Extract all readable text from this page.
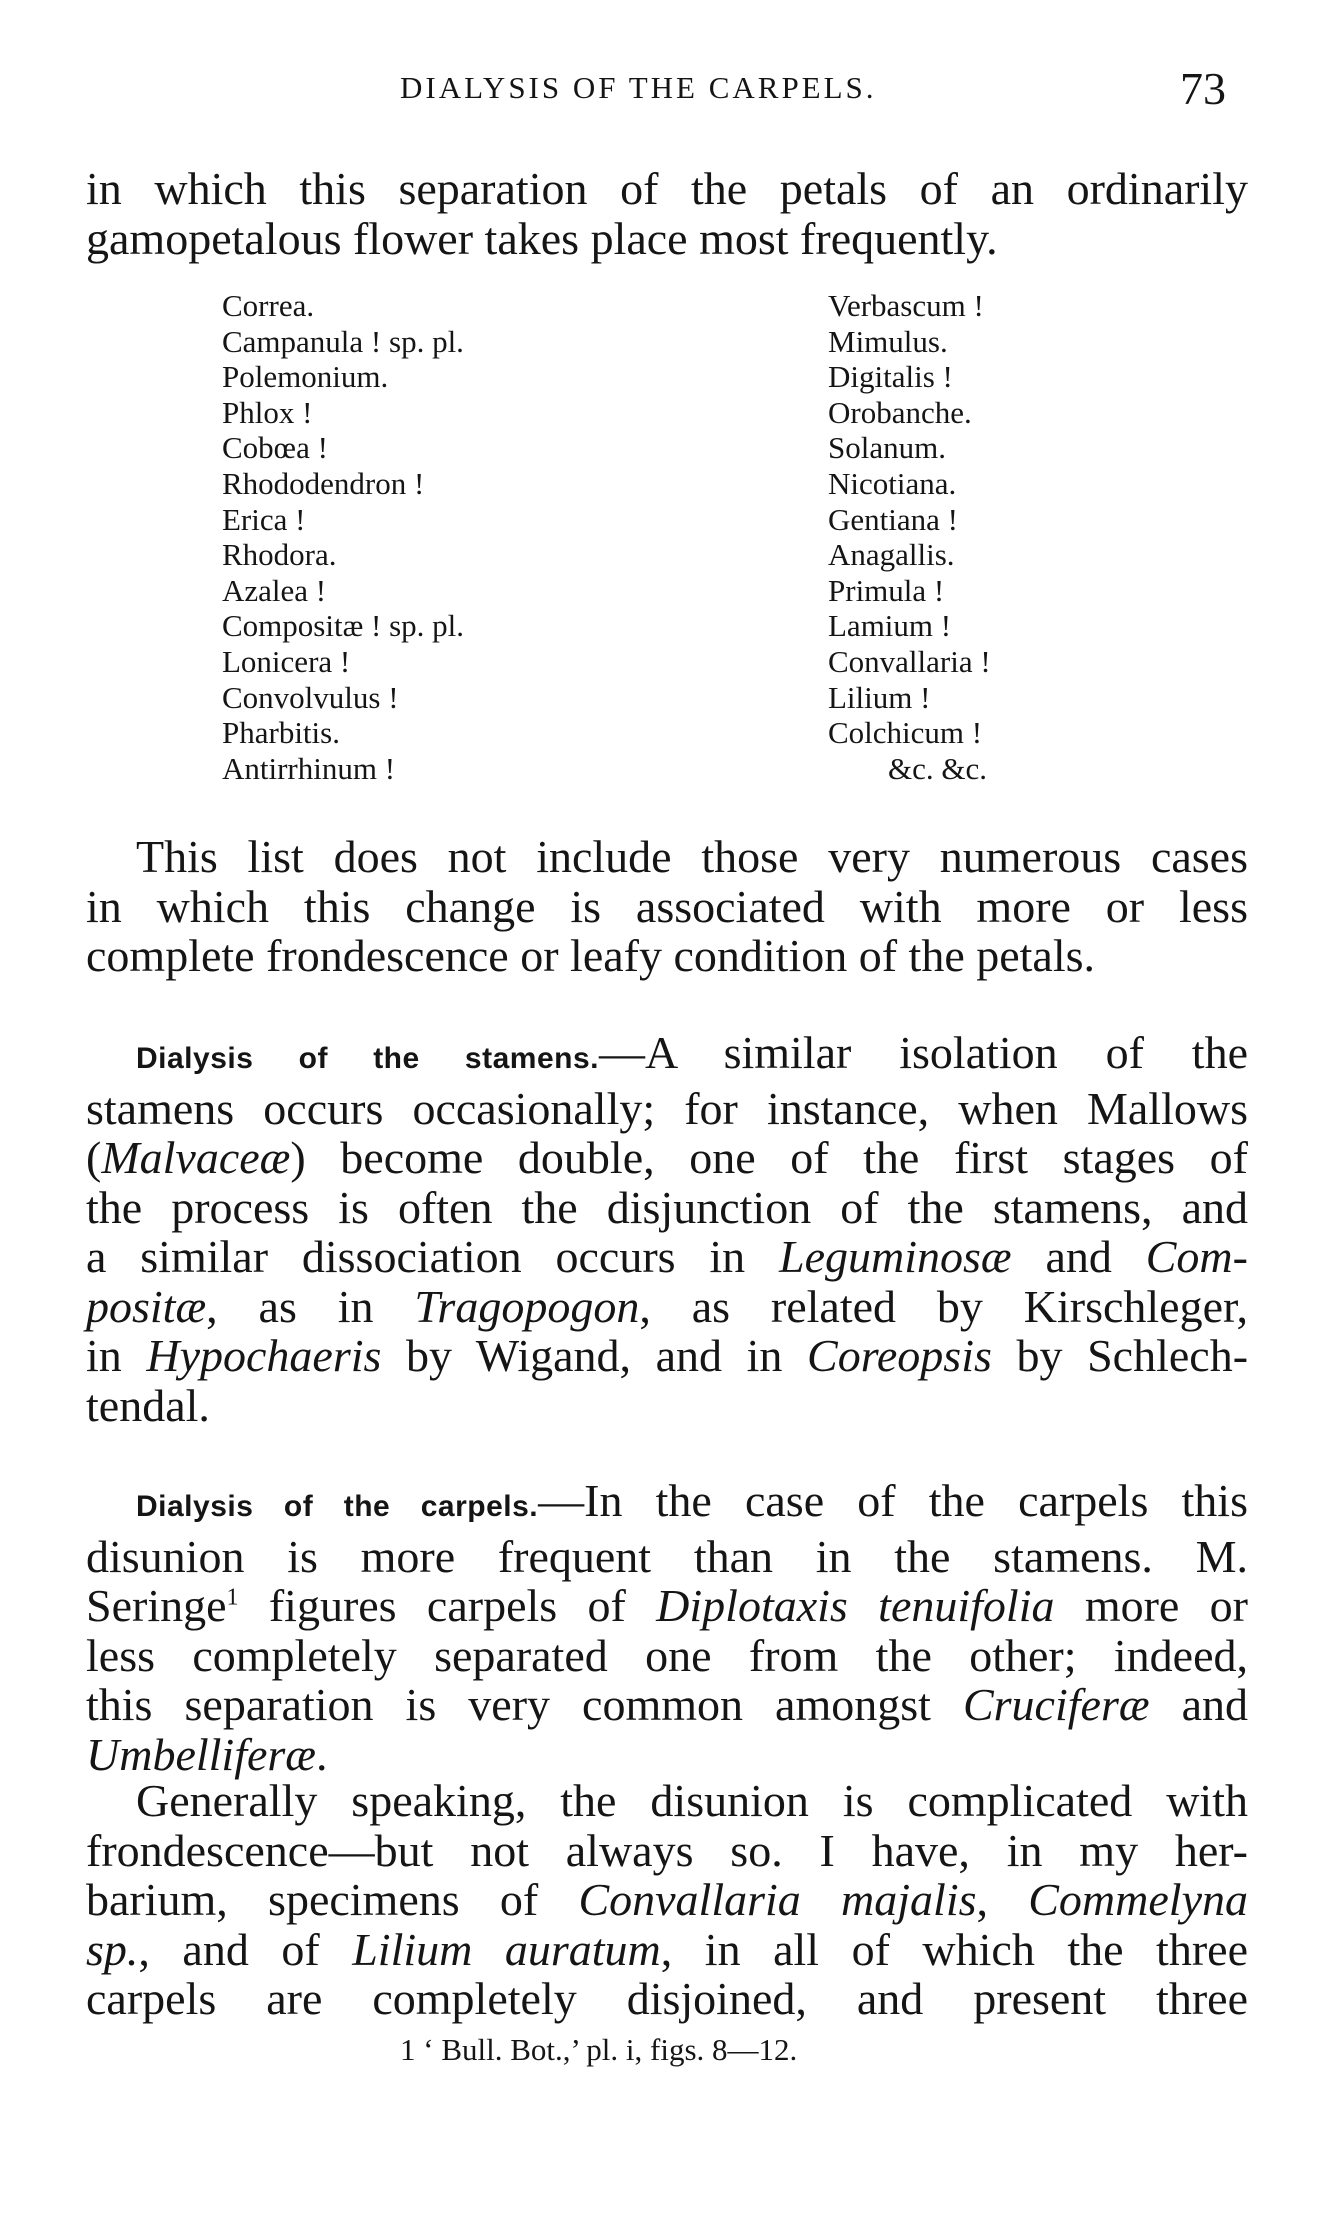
DIALYSIS OF THE CARPELS.	73
in which this separation of the petals of an ordinarily
gamopetalous flower takes place most frequently.
Correa.
Campanula ! sp. pl.
Polemonium.
Phlox !
Cobœa !
Rhododendron !
Erica !
Rhodora.
Azalea !
Compositæ ! sp. pl.
Lonicera !
Convolvulus !
Pharbitis.
Antirrhinum !
Verbascum !
Mimulus.
Digitalis !
Orobanche.
Solanum.
Nicotiana.
Gentiana !
Anagallis.
Primula !
Lamium !
Convallaria !
Lilium !
Colchicum !
&c. &c.
This list does not include those very numerous cases
in which this change is associated with more or less
complete frondescence or leafy condition of the petals.
Dialysis of the stamens.—A similar isolation of the
stamens occurs occasionally; for instance, when Mallows
(Malvaceæ) become double, one of the first stages of
the process is often the disjunction of the stamens, and
a similar dissociation occurs in Leguminosæ and Com-
positæ, as in Tragopogon, as related by Kirschleger,
in Hypochaeris by Wigand, and in Coreopsis by Schlech-
tendal.
Dialysis of the carpels.—In the case of the carpels this
disunion is more frequent than in the stamens. M.
Seringe$^1$ figures carpels of Diplotaxis tenuifolia more or
less completely separated one from the other; indeed,
this separation is very common amongst Cruciferæ and
Umbelliferæ.
Generally speaking, the disunion is complicated with
frondescence—but not always so. I have, in my her-
barium, specimens of Convallaria majalis, Commelyna
sp., and of Lilium auratum, in all of which the three
carpels are completely disjoined, and present three
1 ‘ Bull. Bot.,’ pl. i, figs. 8—12.
